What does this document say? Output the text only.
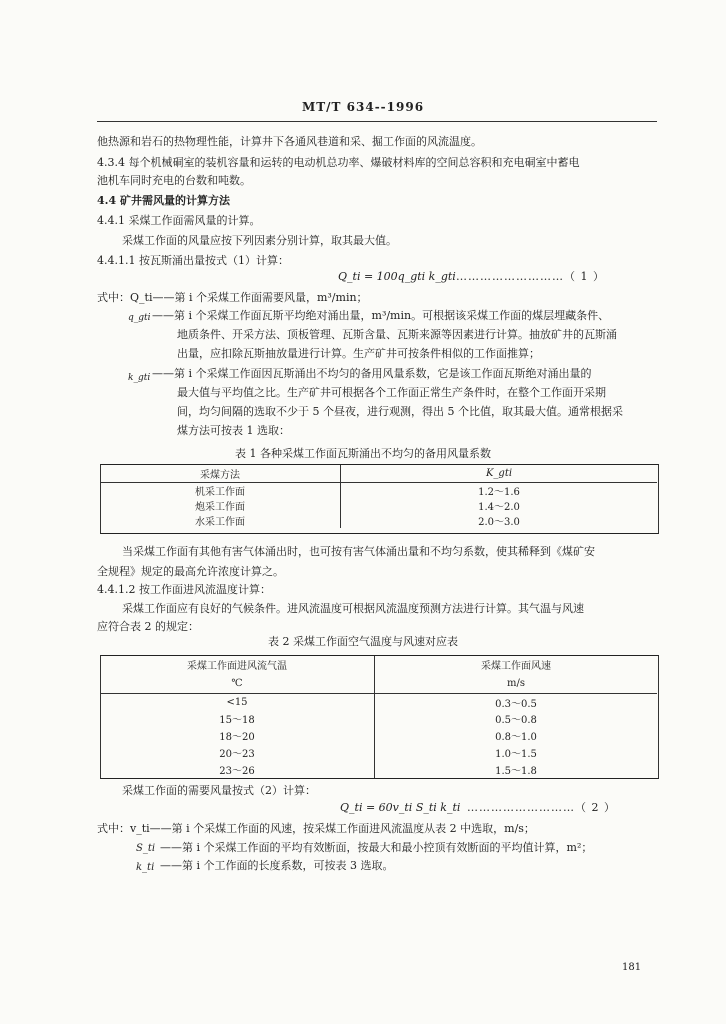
MT/T 634--1996
他热源和岩石的热物理性能，计算井下各通风巷道和采、掘工作面的风流温度。
4.3.4 每个机械硐室的装机容量和运转的电动机总功率、爆破材料库的空间总容积和充电硐室中蓄电
池机车同时充电的台数和吨数。
4.4 矿井需风量的计算方法
4.4.1 采煤工作面需风量的计算。
采煤工作面的风量应按下列因素分别计算，取其最大值。
4.4.1.1 按瓦斯涌出量按式（1）计算：
Q_ti = 100q_gti k_gti ………………………（ 1 ）
式中：Q_ti——第 i 个采煤工作面需要风量，m³/min；
q_gti ——第 i 个采煤工作面瓦斯平均绝对涌出量，m³/min。可根据该采煤工作面的煤层埋藏条件、
地质条件、开采方法、顶板管理、瓦斯含量、瓦斯来源等因素进行计算。抽放矿井的瓦斯涌
出量，应扣除瓦斯抽放量进行计算。生产矿井可按条件相似的工作面推算；
k_gti ——第 i 个采煤工作面因瓦斯涌出不均匀的备用风量系数，它是该工作面瓦斯绝对涌出量的
最大值与平均值之比。生产矿井可根据各个工作面正常生产条件时，在整个工作面开采期
间，均匀间隔的选取不少于 5 个昼夜，进行观测，得出 5 个比值，取其最大值。通常根据采
煤方法可按表 1 选取：
表 1 各种采煤工作面瓦斯涌出不均匀的备用风量系数
采煤方法	K_gti
机采工作面	1.2～1.6
炮采工作面	1.4～2.0
水采工作面	2.0～3.0
当采煤工作面有其他有害气体涌出时，也可按有害气体涌出量和不均匀系数，使其稀释到《煤矿安
全规程》规定的最高允许浓度计算之。
4.4.1.2 按工作面进风流温度计算：
采煤工作面应有良好的气候条件。进风流温度可根据风流温度预测方法进行计算。其气温与风速
应符合表 2 的规定：
表 2 采煤工作面空气温度与风速对应表
采煤工作面进风流气温	采煤工作面风速
℃	m/s
<15	0.3～0.5
15～18	0.5～0.8
18～20	0.8～1.0
20～23	1.0～1.5
23～26	1.5～1.8
采煤工作面的需要风量按式（2）计算：
Q_ti = 60v_ti S_ti k_ti ………………………（ 2 ）
式中：v_ti——第 i 个采煤工作面的风速，按采煤工作面进风流温度从表 2 中选取，m/s；
S_ti ——第 i 个采煤工作面的平均有效断面，按最大和最小控顶有效断面的平均值计算，m²；
k_ti ——第 i 个工作面的长度系数，可按表 3 选取。
181
